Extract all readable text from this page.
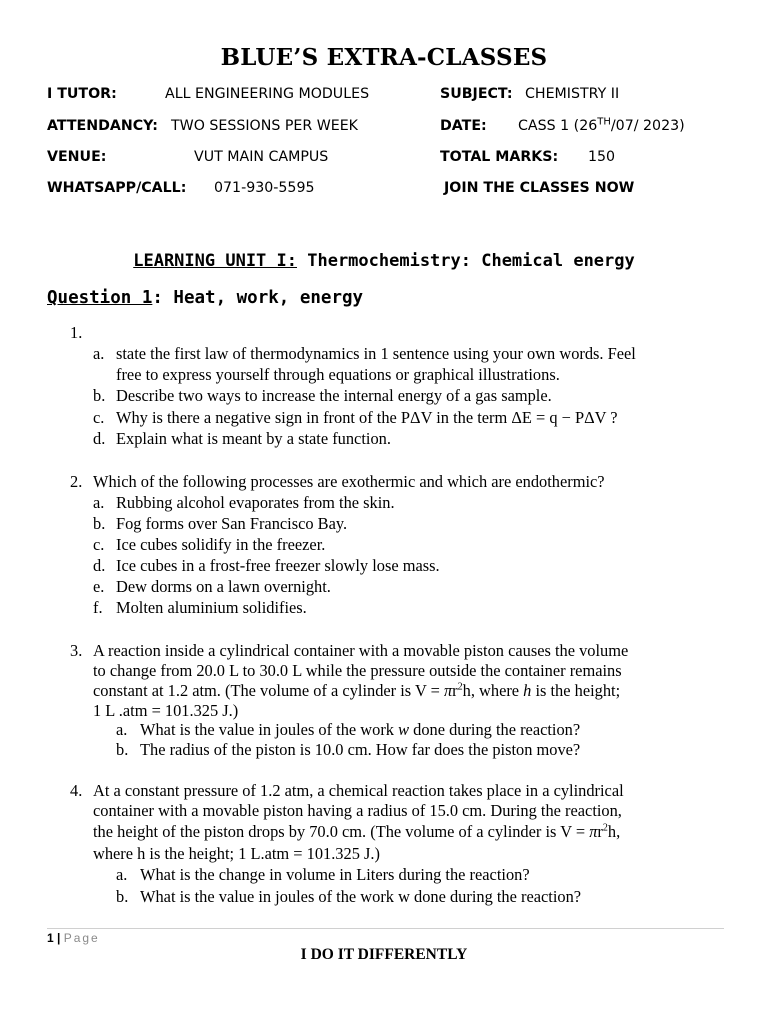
BLUE’S EXTRA-CLASSES
I TUTOR:	ALL ENGINEERING MODULES	SUBJECT: CHEMISTRY II
ATTENDANCY: TWO SESSIONS PER WEEK	DATE: CASS 1 (26TH/07/ 2023)
VENUE:	VUT MAIN CAMPUS	TOTAL MARKS: 150
WHATSAPP/CALL: 071-930-5595	JOIN THE CLASSES NOW
LEARNING UNIT I: Thermochemistry: Chemical energy
Question 1: Heat, work, energy
1.
a. state the first law of thermodynamics in 1 sentence using your own words. Feel
free to express yourself through equations or graphical illustrations.
b. Describe two ways to increase the internal energy of a gas sample.
c. Why is there a negative sign in front of the PΔV in the term ΔE = q − PΔV ?
d. Explain what is meant by a state function.
2. Which of the following processes are exothermic and which are endothermic?
a. Rubbing alcohol evaporates from the skin.
b. Fog forms over San Francisco Bay.
c. Ice cubes solidify in the freezer.
d. Ice cubes in a frost-free freezer slowly lose mass.
e. Dew dorms on a lawn overnight.
f. Molten aluminium solidifies.
3. A reaction inside a cylindrical container with a movable piston causes the volume
to change from 20.0 L to 30.0 L while the pressure outside the container remains
constant at 1.2 atm. (The volume of a cylinder is $V = \pi r^2h$, where h is the height;
1 L .atm = 101.325 J.)
a. What is the value in joules of the work w done during the reaction?
b. The radius of the piston is 10.0 cm. How far does the piston move?
4. At a constant pressure of 1.2 atm, a chemical reaction takes place in a cylindrical
container with a movable piston having a radius of 15.0 cm. During the reaction,
the height of the piston drops by 70.0 cm. (The volume of a cylinder is $V = \pi r^2h$,
where h is the height; 1 L.atm = 101.325 J.)
a. What is the change in volume in Liters during the reaction?
b. What is the value in joules of the work w done during the reaction?
1 | Page
I DO IT DIFFERENTLY
